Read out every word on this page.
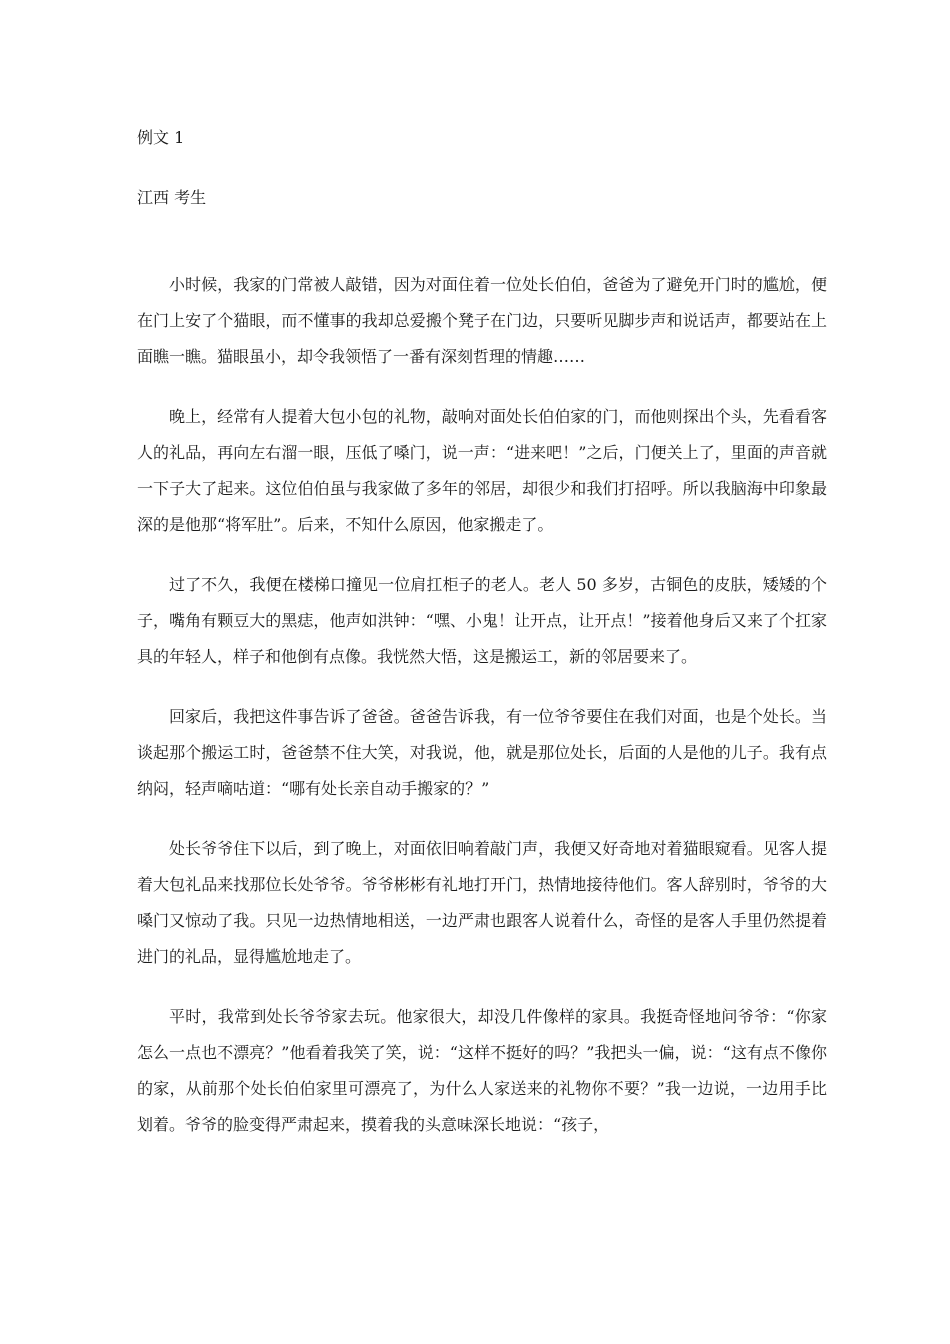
例文 1
江西 考生

小时候，我家的门常被人敲错，因为对面住着一位处长伯伯，爸爸为了避免开门时的尴尬，便在门上安了个猫眼，而不懂事的我却总爱搬个凳子在门边，只要听见脚步声和说话声，都要站在上面瞧一瞧。猫眼虽小，却令我领悟了一番有深刻哲理的情趣……

晚上，经常有人提着大包小包的礼物，敲响对面处长伯伯家的门，而他则探出个头，先看看客人的礼品，再向左右溜一眼，压低了嗓门，说一声：“进来吧！”之后，门便关上了，里面的声音就一下子大了起来。这位伯伯虽与我家做了多年的邻居，却很少和我们打招呼。所以我脑海中印象最深的是他那“将军肚”。后来，不知什么原因，他家搬走了。

过了不久，我便在楼梯口撞见一位肩扛柜子的老人。老人 50 多岁，古铜色的皮肤，矮矮的个子，嘴角有颗豆大的黑痣，他声如洪钟：“嘿、小鬼！让开点，让开点！”接着他身后又来了个扛家具的年轻人，样子和他倒有点像。我恍然大悟，这是搬运工，新的邻居要来了。

回家后，我把这件事告诉了爸爸。爸爸告诉我，有一位爷爷要住在我们对面，也是个处长。当谈起那个搬运工时，爸爸禁不住大笑，对我说，他，就是那位处长，后面的人是他的儿子。我有点纳闷，轻声嘀咕道：“哪有处长亲自动手搬家的？”

处长爷爷住下以后，到了晚上，对面依旧响着敲门声，我便又好奇地对着猫眼窥看。见客人提着大包礼品来找那位长处爷爷。爷爷彬彬有礼地打开门，热情地接待他们。客人辞别时，爷爷的大嗓门又惊动了我。只见一边热情地相送，一边严肃也跟客人说着什么，奇怪的是客人手里仍然提着进门的礼品，显得尴尬地走了。

平时，我常到处长爷爷家去玩。他家很大，却没几件像样的家具。我挺奇怪地问爷爷：“你家怎么一点也不漂亮？”他看着我笑了笑，说：“这样不挺好的吗？”我把头一偏，说：“这有点不像你的家，从前那个处长伯伯家里可漂亮了，为什么人家送来的礼物你不要？”我一边说，一边用手比划着。爷爷的脸变得严肃起来，摸着我的头意味深长地说：“孩子，
